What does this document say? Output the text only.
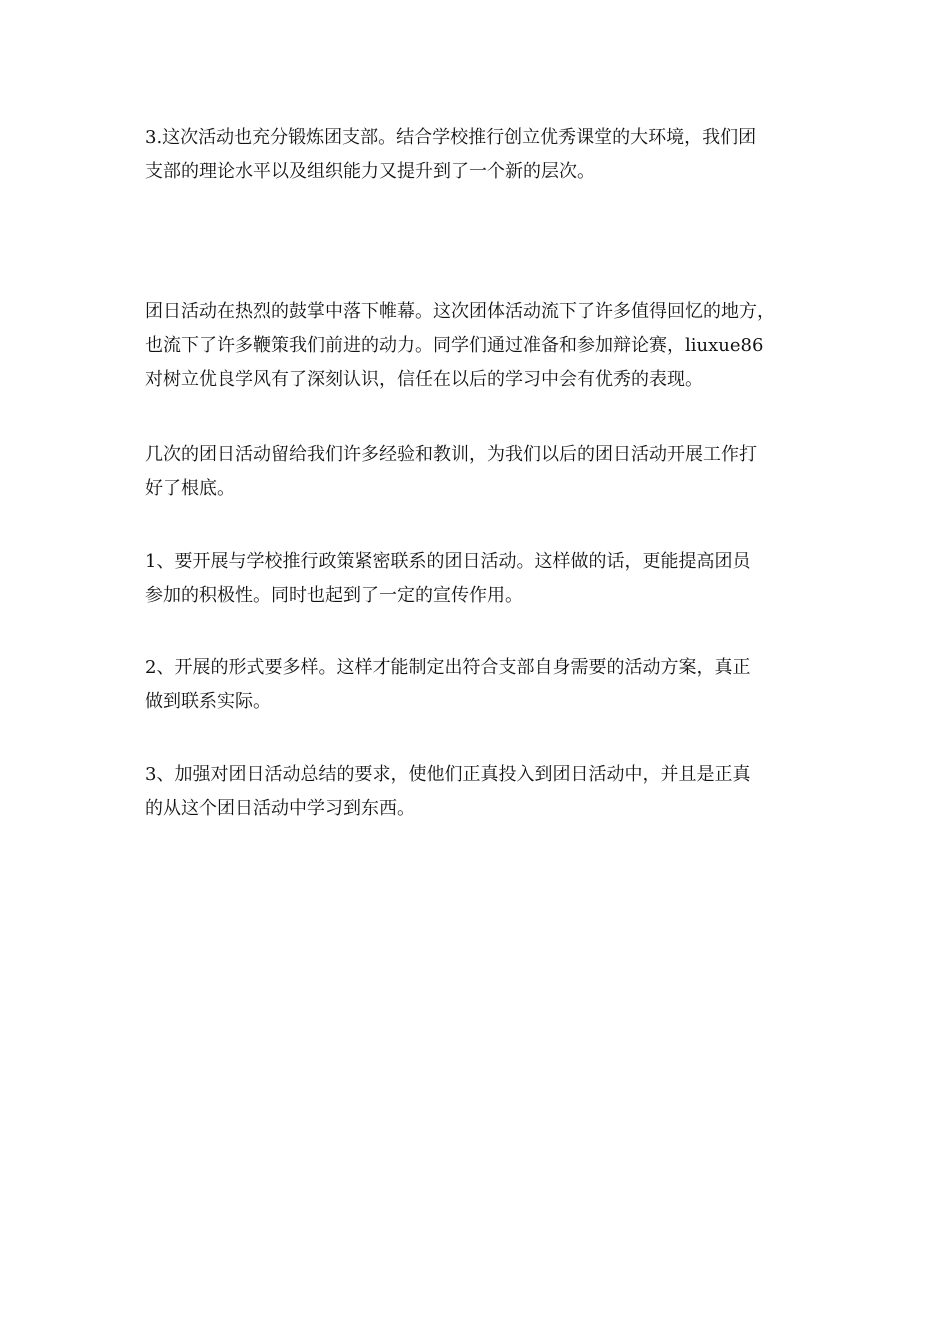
3.这次活动也充分锻炼团支部。结合学校推行创立优秀课堂的大环境，我们团
支部的理论水平以及组织能力又提升到了一个新的层次。

团日活动在热烈的鼓掌中落下帷幕。这次团体活动流下了许多值得回忆的地方，
也流下了许多鞭策我们前进的动力。同学们通过准备和参加辩论赛，liuxue86
对树立优良学风有了深刻认识，信任在以后的学习中会有优秀的表现。

几次的团日活动留给我们许多经验和教训，为我们以后的团日活动开展工作打
好了根底。

1、要开展与学校推行政策紧密联系的团日活动。这样做的话，更能提高团员
参加的积极性。同时也起到了一定的宣传作用。

2、开展的形式要多样。这样才能制定出符合支部自身需要的活动方案，真正
做到联系实际。

3、加强对团日活动总结的要求，使他们正真投入到团日活动中，并且是正真
的从这个团日活动中学习到东西。
